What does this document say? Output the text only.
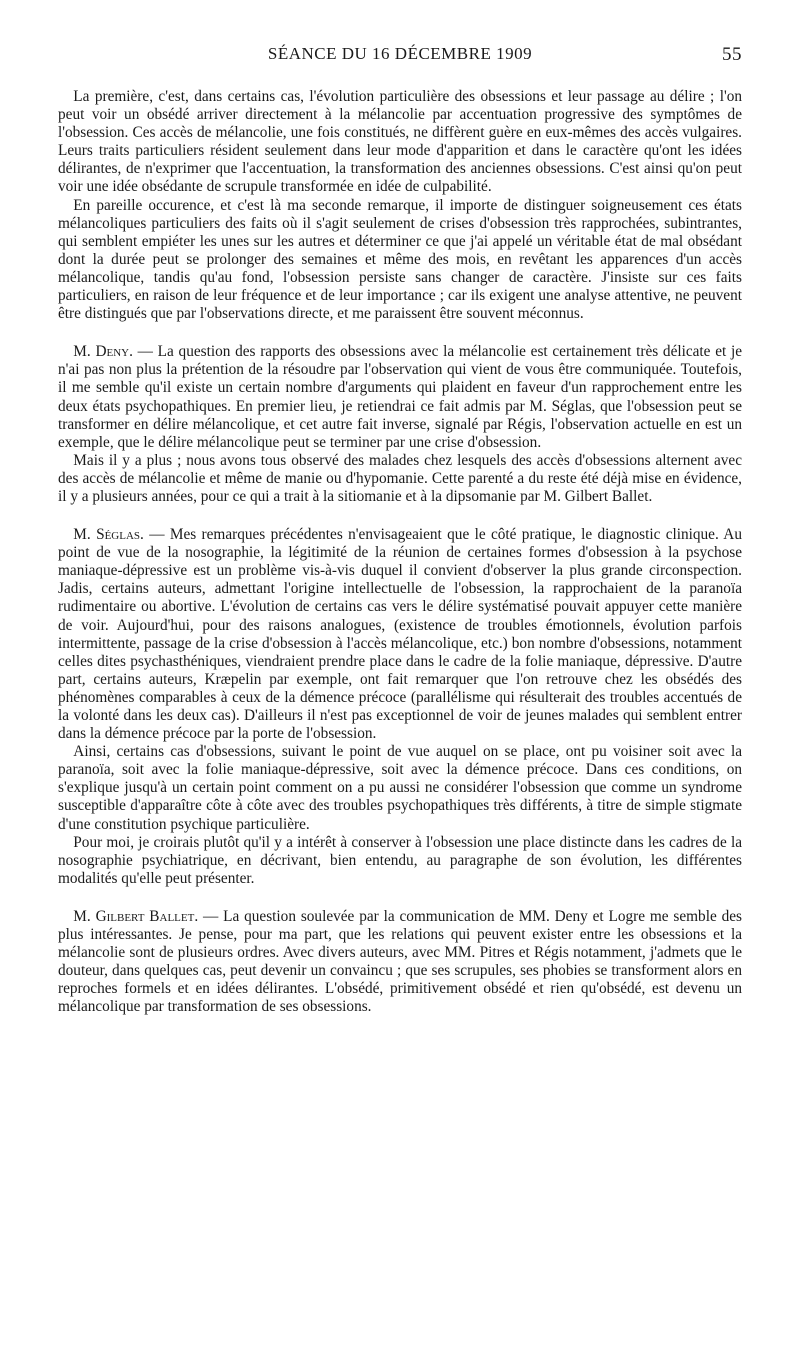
SÉANCE DU 16 DÉCEMBRE 1909	55

 La première, c'est, dans certains cas, l'évolution particulière des obsessions et leur passage au délire ; l'on peut voir un obsédé arriver directement à la mélancolie par accentuation progressive des symptômes de l'obsession. Ces accès de mélancolie, une fois constitués, ne diffèrent guère en eux-mêmes des accès vulgaires. Leurs traits particuliers résident seulement dans leur mode d'apparition et dans le caractère qu'ont les idées délirantes, de n'exprimer que l'accentuation, la transformation des anciennes obsessions. C'est ainsi qu'on peut voir une idée obsédante de scrupule transformée en idée de culpabilité.

 En pareille occurence, et c'est là ma seconde remarque, il importe de distinguer soigneusement ces états mélancoliques particuliers des faits où il s'agit seulement de crises d'obsession très rapprochées, subintrantes, qui semblent empiéter les unes sur les autres et déterminer ce que j'ai appelé un véritable état de mal obsédant dont la durée peut se prolonger des semaines et même des mois, en revêtant les apparences d'un accès mélancolique, tandis qu'au fond, l'obsession persiste sans changer de caractère. J'insiste sur ces faits particuliers, en raison de leur fréquence et de leur importance ; car ils exigent une analyse attentive, ne peuvent être distingués que par l'observations directe, et me paraissent être souvent méconnus.

 M. Deny. — La question des rapports des obsessions avec la mélancolie est certainement très délicate et je n'ai pas non plus la prétention de la résoudre par l'observation qui vient de vous être communiquée. Toutefois, il me semble qu'il existe un certain nombre d'arguments qui plaident en faveur d'un rapprochement entre les deux états psychopathiques. En premier lieu, je retiendrai ce fait admis par M. Séglas, que l'obsession peut se transformer en délire mélancolique, et cet autre fait inverse, signalé par Régis, l'observation actuelle en est un exemple, que le délire mélancolique peut se terminer par une crise d'obsession.

 Mais il y a plus ; nous avons tous observé des malades chez lesquels des accès d'obsessions alternent avec des accès de mélancolie et même de manie ou d'hypomanie. Cette parenté a du reste été déjà mise en évidence, il y a plusieurs années, pour ce qui a trait à la sitiomanie et à la dipsomanie par M. Gilbert Ballet.

 M. Séglas. — Mes remarques précédentes n'envisageaient que le côté pratique, le diagnostic clinique. Au point de vue de la nosographie, la légitimité de la réunion de certaines formes d'obsession à la psychose maniaque-dépressive est un problème vis-à-vis duquel il convient d'observer la plus grande circonspection. Jadis, certains auteurs, admettant l'origine intellectuelle de l'obsession, la rapprochaient de la paranoïa rudimentaire ou abortive. L'évolution de certains cas vers le délire systématisé pouvait appuyer cette manière de voir. Aujourd'hui, pour des raisons analogues, (existence de troubles émotionnels, évolution parfois intermittente, passage de la crise d'obsession à l'accès mélancolique, etc.) bon nombre d'obsessions, notamment celles dites psychasthéniques, viendraient prendre place dans le cadre de la folie maniaque, dépressive. D'autre part, certains auteurs, Kræpelin par exemple, ont fait remarquer que l'on retrouve chez les obsédés des phénomènes comparables à ceux de la démence précoce (parallélisme qui résulterait des troubles accentués de la volonté dans les deux cas). D'ailleurs il n'est pas exceptionnel de voir de jeunes malades qui semblent entrer dans la démence précoce par la porte de l'obsession.

 Ainsi, certains cas d'obsessions, suivant le point de vue auquel on se place, ont pu voisiner soit avec la paranoïa, soit avec la folie maniaque-dépressive, soit avec la démence précoce. Dans ces conditions, on s'explique jusqu'à un certain point comment on a pu aussi ne considérer l'obsession que comme un syndrome susceptible d'apparaître côte à côte avec des troubles psychopathiques très différents, à titre de simple stigmate d'une constitution psychique particulière.

 Pour moi, je croirais plutôt qu'il y a intérêt à conserver à l'obsession une place distincte dans les cadres de la nosographie psychiatrique, en décrivant, bien entendu, au paragraphe de son évolution, les différentes modalités qu'elle peut présenter.

 M. Gilbert Ballet. — La question soulevée par la communication de MM. Deny et Logre me semble des plus intéressantes. Je pense, pour ma part, que les relations qui peuvent exister entre les obsessions et la mélancolie sont de plusieurs ordres. Avec divers auteurs, avec MM. Pitres et Régis notamment, j'admets que le douteur, dans quelques cas, peut devenir un convaincu ; que ses scrupules, ses phobies se transforment alors en reproches formels et en idées délirantes. L'obsédé, primitivement obsédé et rien qu'obsédé, est devenu un mélancolique par transformation de ses obsessions.
